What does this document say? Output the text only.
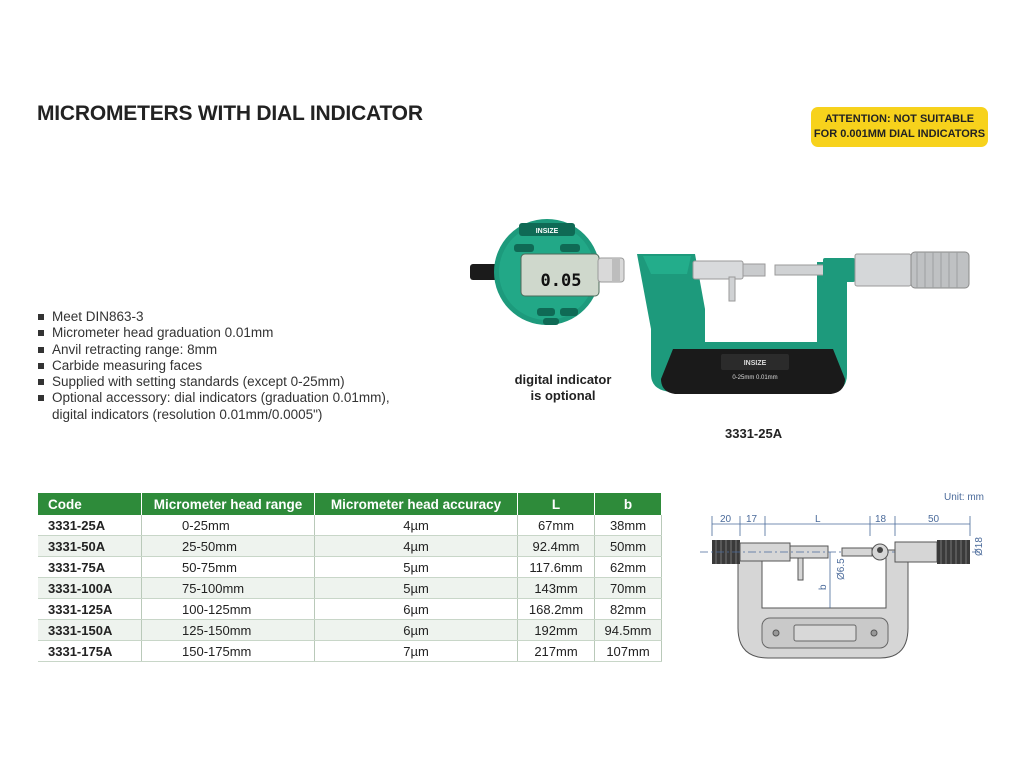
MICROMETERS WITH DIAL INDICATOR	ATTENTION: NOT SUITABLE
FOR 0.001MM DIAL INDICATORS
Meet DIN863-3
Micrometer head graduation 0.01mm
Anvil retracting range: 8mm
Carbide measuring faces
Supplied with setting standards (except 0-25mm)
Optional accessory: dial indicators (graduation 0.01mm),
digital indicators (resolution 0.01mm/0.0005")
INSIZE
0.05
INSIZE
0-25mm 0.01mm
digital indicator
is optional
3331-25A
Code	Micrometer head range	Micrometer head accuracy	L	b
3331-25A	0-25mm	4µm	67mm	38mm
3331-50A	25-50mm	4µm	92.4mm	50mm
3331-75A	50-75mm	5µm	117.6mm	62mm
3331-100A	75-100mm	5µm	143mm	70mm
3331-125A	100-125mm	6µm	168.2mm	82mm
3331-150A	125-150mm	6µm	192mm	94.5mm
3331-175A	150-175mm	7µm	217mm	107mm
Unit: mm
20 17	L	18	50
Ø18
Ø6.5
b
